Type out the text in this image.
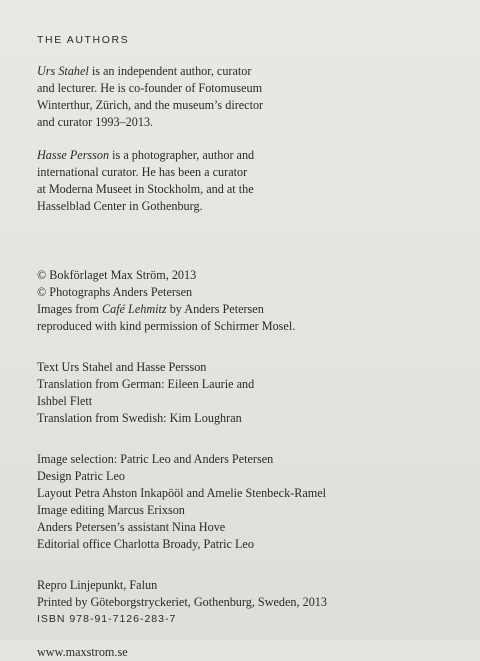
THE AUTHORS
Urs Stahel is an independent author, curator
and lecturer. He is co-founder of Fotomuseum
Winterthur, Zürich, and the museum’s director
and curator 1993–2013.
Hasse Persson is a photographer, author and
international curator. He has been a curator
at Moderna Museet in Stockholm, and at the
Hasselblad Center in Gothenburg.
© Bokförlaget Max Ström, 2013
© Photographs Anders Petersen
Images from Café Lehmitz by Anders Petersen
reproduced with kind permission of Schirmer Mosel.
Text Urs Stahel and Hasse Persson
Translation from German: Eileen Laurie and
Ishbel Flett
Translation from Swedish: Kim Loughran
Image selection: Patric Leo and Anders Petersen
Design Patric Leo
Layout Petra Ahston Inkapööl and Amelie Stenbeck-Ramel
Image editing Marcus Erixson
Anders Petersen’s assistant Nina Hove
Editorial office Charlotta Broady, Patric Leo
Repro Linjepunkt, Falun
Printed by Göteborgstryckeriet, Gothenburg, Sweden, 2013
ISBN 978-91-7126-283-7
www.maxstrom.se
